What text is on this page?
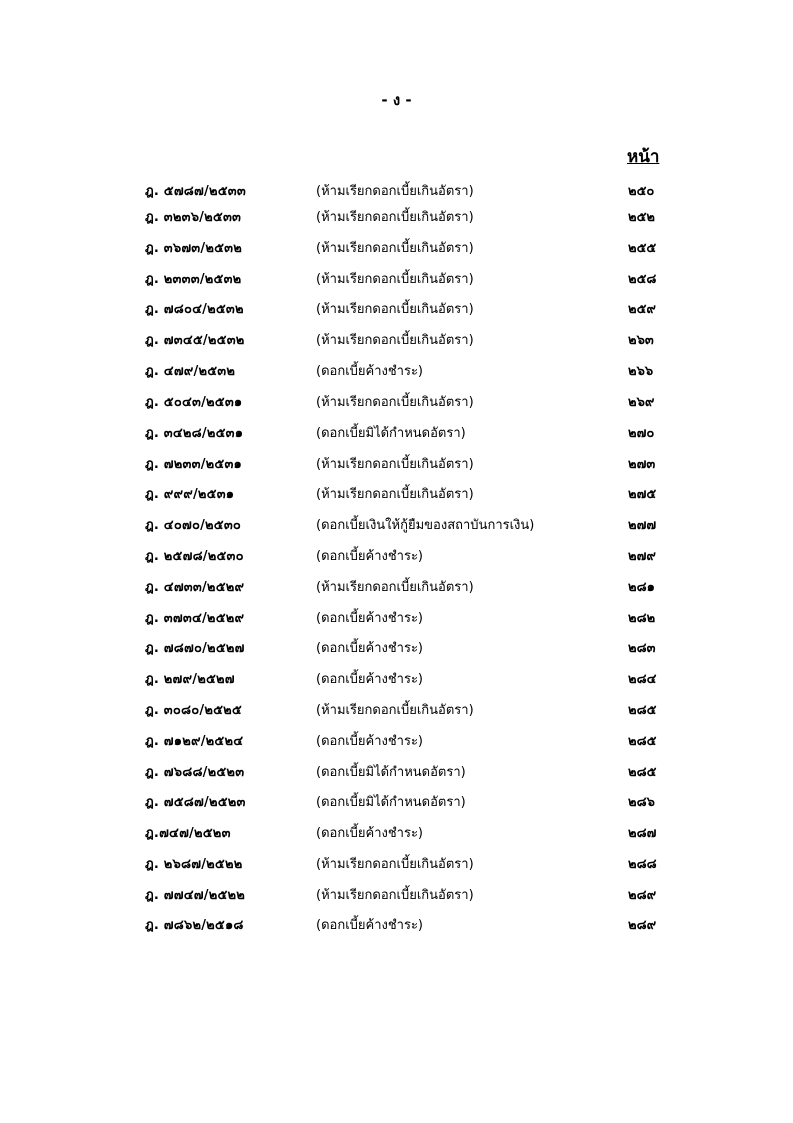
- ง -
หน้า
ฎ. ๕๗๘๗/๒๕๓๓	(ห้ามเรียกดอกเบี้ยเกินอัตรา)	๒๕๐
ฎ. ๓๒๓๖/๒๕๓๓	(ห้ามเรียกดอกเบี้ยเกินอัตรา)	๒๕๒
ฎ. ๓๖๗๓/๒๕๓๒	(ห้ามเรียกดอกเบี้ยเกินอัตรา)	๒๕๕
ฎ. ๒๓๓๓/๒๕๓๒	(ห้ามเรียกดอกเบี้ยเกินอัตรา)	๒๕๘
ฎ. ๗๘๐๔/๒๕๓๒	(ห้ามเรียกดอกเบี้ยเกินอัตรา)	๒๕๙
ฎ. ๗๓๔๕/๒๕๓๒	(ห้ามเรียกดอกเบี้ยเกินอัตรา)	๒๖๓
ฎ. ๔๗๙/๒๕๓๒	(ดอกเบี้ยค้างชำระ)	๒๖๖
ฎ. ๕๐๔๓/๒๕๓๑	(ห้ามเรียกดอกเบี้ยเกินอัตรา)	๒๖๙
ฎ. ๓๔๒๘/๒๕๓๑	(ดอกเบี้ยมิได้กำหนดอัตรา)	๒๗๐
ฎ. ๗๒๓๓/๒๕๓๑	(ห้ามเรียกดอกเบี้ยเกินอัตรา)	๒๗๓
ฎ. ๙๙๙/๒๕๓๑	(ห้ามเรียกดอกเบี้ยเกินอัตรา)	๒๗๕
ฎ. ๔๐๗๐/๒๕๓๐	(ดอกเบี้ยเงินให้กู้ยืมของสถาบันการเงิน)	๒๗๗
ฎ. ๒๕๗๘/๒๕๓๐	(ดอกเบี้ยค้างชำระ)	๒๗๙
ฎ. ๔๗๓๓/๒๕๒๙	(ห้ามเรียกดอกเบี้ยเกินอัตรา)	๒๘๑
ฎ. ๓๗๓๔/๒๕๒๙	(ดอกเบี้ยค้างชำระ)	๒๘๒
ฎ. ๗๘๗๐/๒๕๒๗	(ดอกเบี้ยค้างชำระ)	๒๘๓
ฎ. ๒๗๙/๒๕๒๗	(ดอกเบี้ยค้างชำระ)	๒๘๔
ฎ. ๓๐๘๐/๒๕๒๕	(ห้ามเรียกดอกเบี้ยเกินอัตรา)	๒๘๕
ฎ. ๗๑๒๙/๒๕๒๔	(ดอกเบี้ยค้างชำระ)	๒๘๕
ฎ. ๗๖๘๘/๒๕๒๓	(ดอกเบี้ยมิได้กำหนดอัตรา)	๒๘๕
ฎ. ๗๕๘๗/๒๕๒๓	(ดอกเบี้ยมิได้กำหนดอัตรา)	๒๘๖
ฎ.๗๔๗/๒๕๒๓	(ดอกเบี้ยค้างชำระ)	๒๘๗
ฎ. ๒๖๘๗/๒๕๒๒	(ห้ามเรียกดอกเบี้ยเกินอัตรา)	๒๘๘
ฎ. ๗๗๔๗/๒๕๒๒	(ห้ามเรียกดอกเบี้ยเกินอัตรา)	๒๘๙
ฎ. ๗๘๖๒/๒๕๑๘	(ดอกเบี้ยค้างชำระ)	๒๘๙
